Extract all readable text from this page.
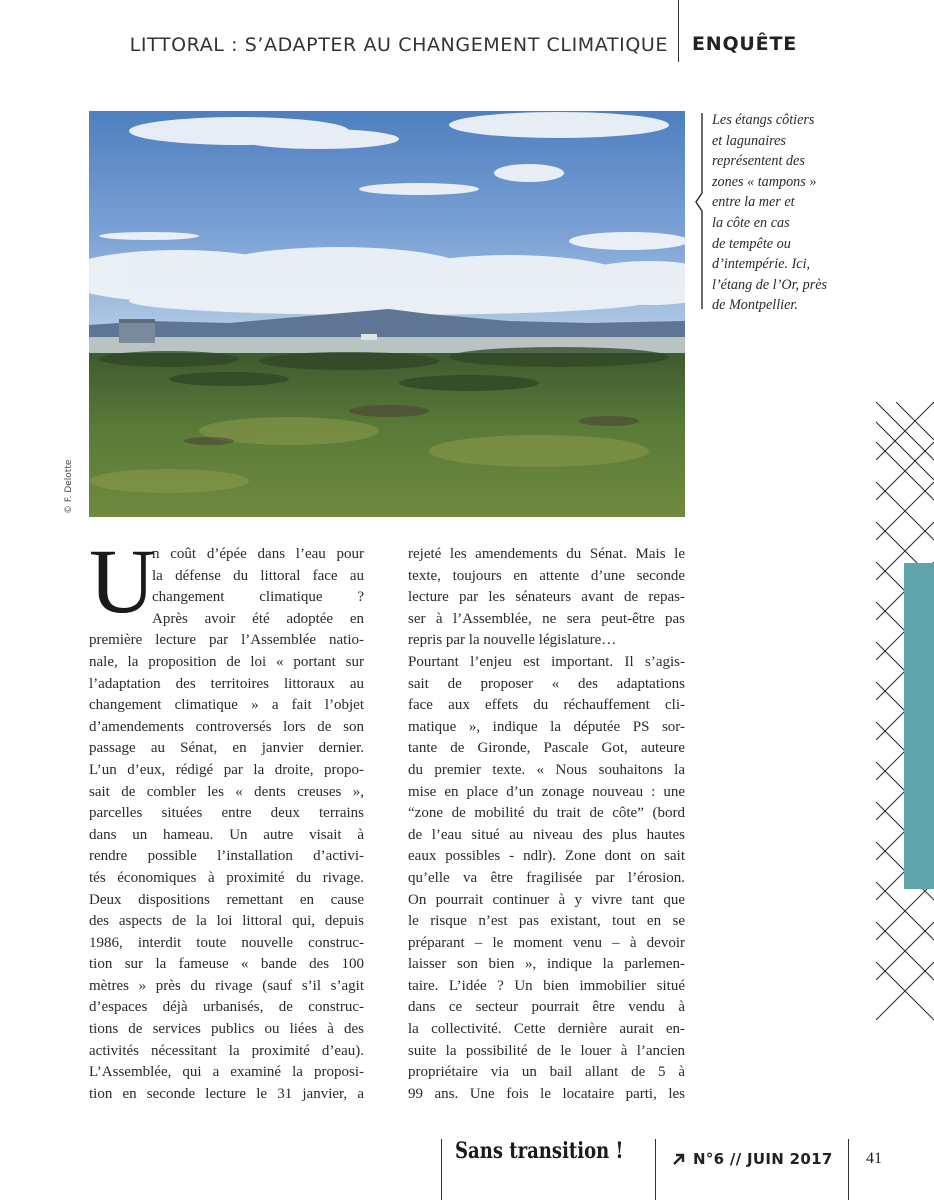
LITTORAL : S’ADAPTER AU CHANGEMENT CLIMATIQUE ENQUÊTE
© F. Delotte
Les étangs côtiers
et lagunaires
représentent des
zones « tampons »
entre la mer et
la côte en cas
de tempête ou
d’intempérie. Ici,
l’étang de l’Or, près
de Montpellier.
U
n coût d’épée dans l’eau pour
la défense du littoral face au
changement climatique ?
Après avoir été adoptée en
première lecture par l’Assemblée natio-
nale, la proposition de loi « portant sur
l’adaptation des territoires littoraux au
changement climatique » a fait l’objet
d’amendements controversés lors de son
passage au Sénat, en janvier dernier.
L’un d’eux, rédigé par la droite, propo-
sait de combler les « dents creuses »,
parcelles situées entre deux terrains
dans un hameau. Un autre visait à
rendre possible l’installation d’activi-
tés économiques à proximité du rivage.
Deux dispositions remettant en cause
des aspects de la loi littoral qui, depuis
1986, interdit toute nouvelle construc-
tion sur la fameuse « bande des 100
mètres » près du rivage (sauf s’il s’agit
d’espaces déjà urbanisés, de construc-
tions de services publics ou liées à des
activités nécessitant la proximité d’eau).
L’Assemblée, qui a examiné la proposi-
tion en seconde lecture le 31 janvier, a
rejeté les amendements du Sénat. Mais le
texte, toujours en attente d’une seconde
lecture par les sénateurs avant de repas-
ser à l’Assemblée, ne sera peut-être pas
repris par la nouvelle législature…
Pourtant l’enjeu est important. Il s’agis-
sait de proposer « des adaptations
face aux effets du réchauffement cli-
matique », indique la députée PS sor-
tante de Gironde, Pascale Got, auteure
du premier texte. « Nous souhaitons la
mise en place d’un zonage nouveau : une
“zone de mobilité du trait de côte” (bord
de l’eau situé au niveau des plus hautes
eaux possibles - ndlr). Zone dont on sait
qu’elle va être fragilisée par l’érosion.
On pourrait continuer à y vivre tant que
le risque n’est pas existant, tout en se
préparant – le moment venu – à devoir
laisser son bien », indique la parlemen-
taire. L’idée ? Un bien immobilier situé
dans ce secteur pourrait être vendu à
la collectivité. Cette dernière aurait en-
suite la possibilité de le louer à l’ancien
propriétaire via un bail allant de 5 à
99 ans. Une fois le locataire parti, les
Sans transition !	N°6 // JUIN 2017 41
